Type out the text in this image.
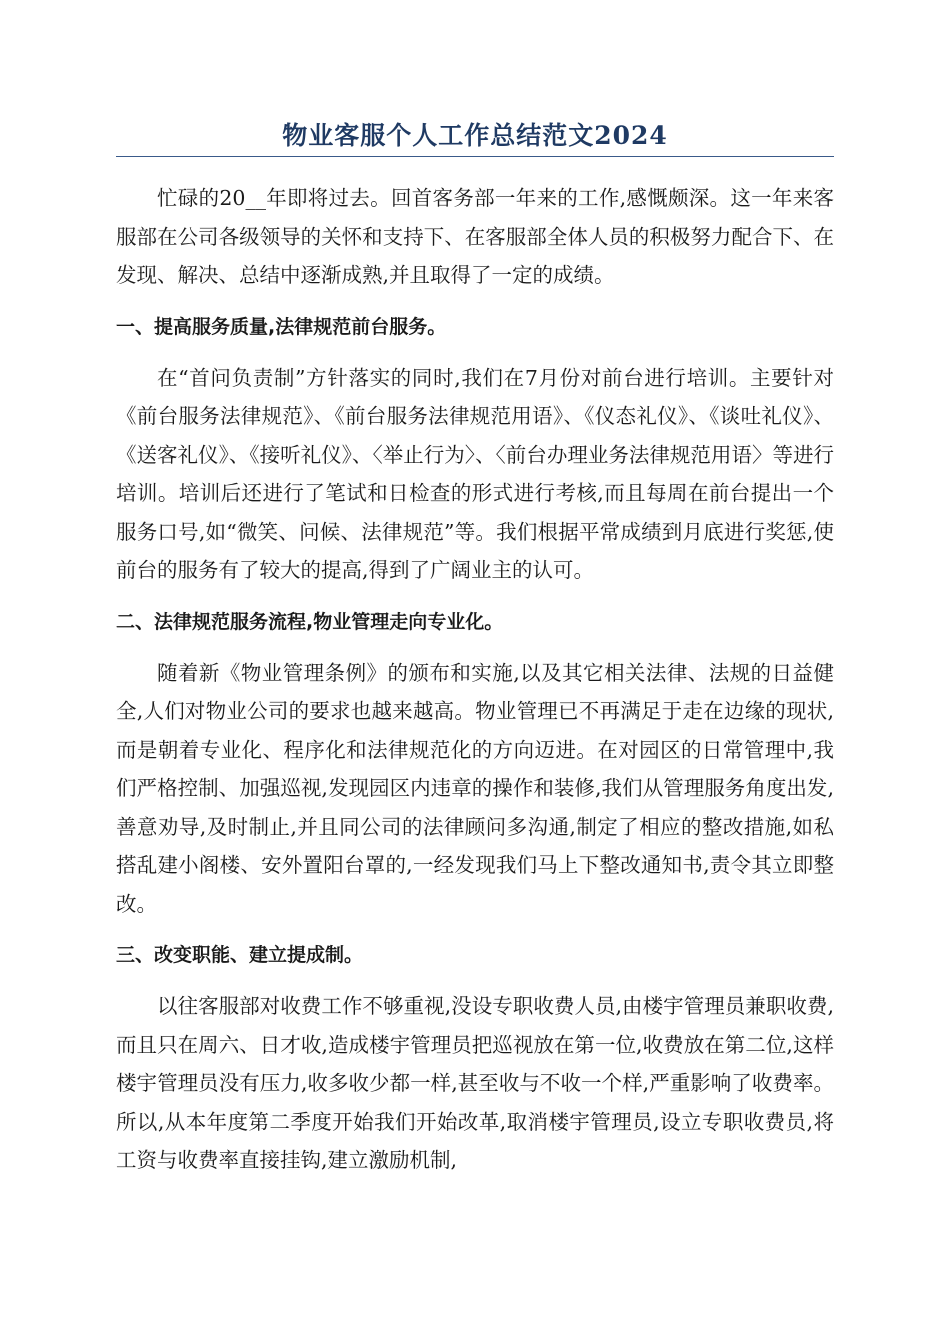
物业客服个人工作总结范文2024

忙碌的20__年即将过去。回首客务部一年来的工作,感慨颇深。这一年来客服部在公司各级领导的关怀和支持下、在客服部全体人员的积极努力配合下、在发现、解决、总结中逐渐成熟,并且取得了一定的成绩。

一、提高服务质量,法律规范前台服务。

在“首问负责制”方针落实的同时,我们在7月份对前台进行培训。主要针对《前台服务法律规范》、《前台服务法律规范用语》、《仪态礼仪》、《谈吐礼仪》、《送客礼仪》、《接听礼仪》、〈举止行为〉、〈前台办理业务法律规范用语〉等进行培训。培训后还进行了笔试和日检查的形式进行考核,而且每周在前台提出一个服务口号,如“微笑、问候、法律规范”等。我们根据平常成绩到月底进行奖惩,使前台的服务有了较大的提高,得到了广阔业主的认可。

二、法律规范服务流程,物业管理走向专业化。

随着新《物业管理条例》的颁布和实施,以及其它相关法律、法规的日益健全,人们对物业公司的要求也越来越高。物业管理已不再满足于走在边缘的现状,而是朝着专业化、程序化和法律规范化的方向迈进。在对园区的日常管理中,我们严格控制、加强巡视,发现园区内违章的操作和装修,我们从管理服务角度出发,善意劝导,及时制止,并且同公司的法律顾问多沟通,制定了相应的整改措施,如私搭乱建小阁楼、安外置阳台罩的,一经发现我们马上下整改通知书,责令其立即整改。

三、改变职能、建立提成制。

以往客服部对收费工作不够重视,没设专职收费人员,由楼宇管理员兼职收费,而且只在周六、日才收,造成楼宇管理员把巡视放在第一位,收费放在第二位,这样楼宇管理员没有压力,收多收少都一样,甚至收与不收一个样,严重影响了收费率。所以,从本年度第二季度开始我们开始改革,取消楼宇管理员,设立专职收费员,将工资与收费率直接挂钩,建立激励机制,
